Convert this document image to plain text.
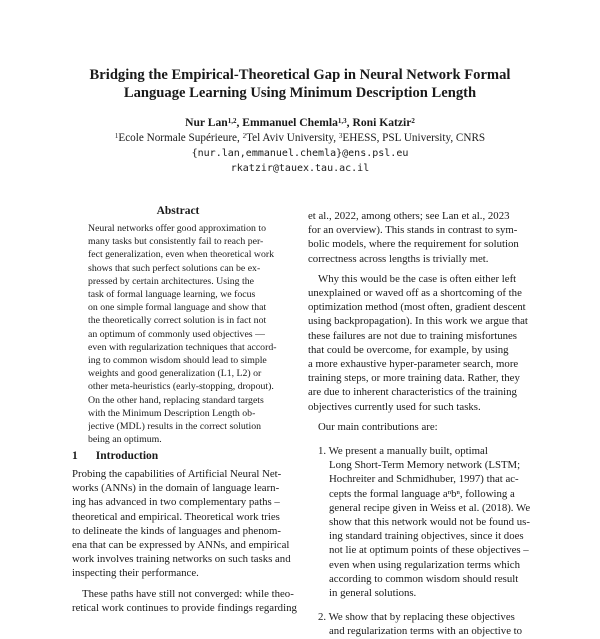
Bridging the Empirical-Theoretical Gap in Neural Network Formal
Language Learning Using Minimum Description Length
Nur Lan$^{1,2}$, Emmanuel Chemla$^{1,3}$, Roni Katzir$^2$
$^1$Ecole Normale Supérieure, $^2$Tel Aviv University, $^3$EHESS, PSL University, CNRS
{nur.lan,emmanuel.chemla}@ens.psl.eu
rkatzir@tauex.tau.ac.il
Abstract
Neural networks offer good approximation to
many tasks but consistently fail to reach per-
fect generalization, even when theoretical work
shows that such perfect solutions can be ex-
pressed by certain architectures. Using the
task of formal language learning, we focus
on one simple formal language and show that
the theoretically correct solution is in fact not
an optimum of commonly used objectives —
even with regularization techniques that accord-
ing to common wisdom should lead to simple
weights and good generalization (L1, L2) or
other meta-heuristics (early-stopping, dropout).
On the other hand, replacing standard targets
with the Minimum Description Length ob-
jective (MDL) results in the correct solution
being an optimum.
1 Introduction
Probing the capabilities of Artificial Neural Net-
works (ANNs) in the domain of language learn-
ing has advanced in two complementary paths –
theoretical and empirical. Theoretical work tries
to delineate the kinds of languages and phenom-
ena that can be expressed by ANNs, and empirical
work involves training networks on such tasks and
inspecting their performance.
These paths have still not converged: while theo-
retical work continues to provide findings regarding
et al., 2022, among others; see Lan et al., 2023
for an overview). This stands in contrast to sym-
bolic models, where the requirement for solution
correctness across lengths is trivially met.
Why this would be the case is often either left
unexplained or waved off as a shortcoming of the
optimization method (most often, gradient descent
using backpropagation). In this work we argue that
these failures are not due to training misfortunes
that could be overcome, for example, by using
a more exhaustive hyper-parameter search, more
training steps, or more training data. Rather, they
are due to inherent characteristics of the training
objectives currently used for such tasks.
Our main contributions are:
1. We present a manually built, optimal
Long Short-Term Memory network (LSTM;
Hochreiter and Schmidhuber, 1997) that ac-
cepts the formal language aⁿbⁿ, following a
general recipe given in Weiss et al. (2018). We
show that this network would not be found us-
ing standard training objectives, since it does
not lie at optimum points of these objectives –
even when using regularization terms which
according to common wisdom should result
in general solutions.
2. We show that by replacing these objectives
and regularization terms with an objective to
